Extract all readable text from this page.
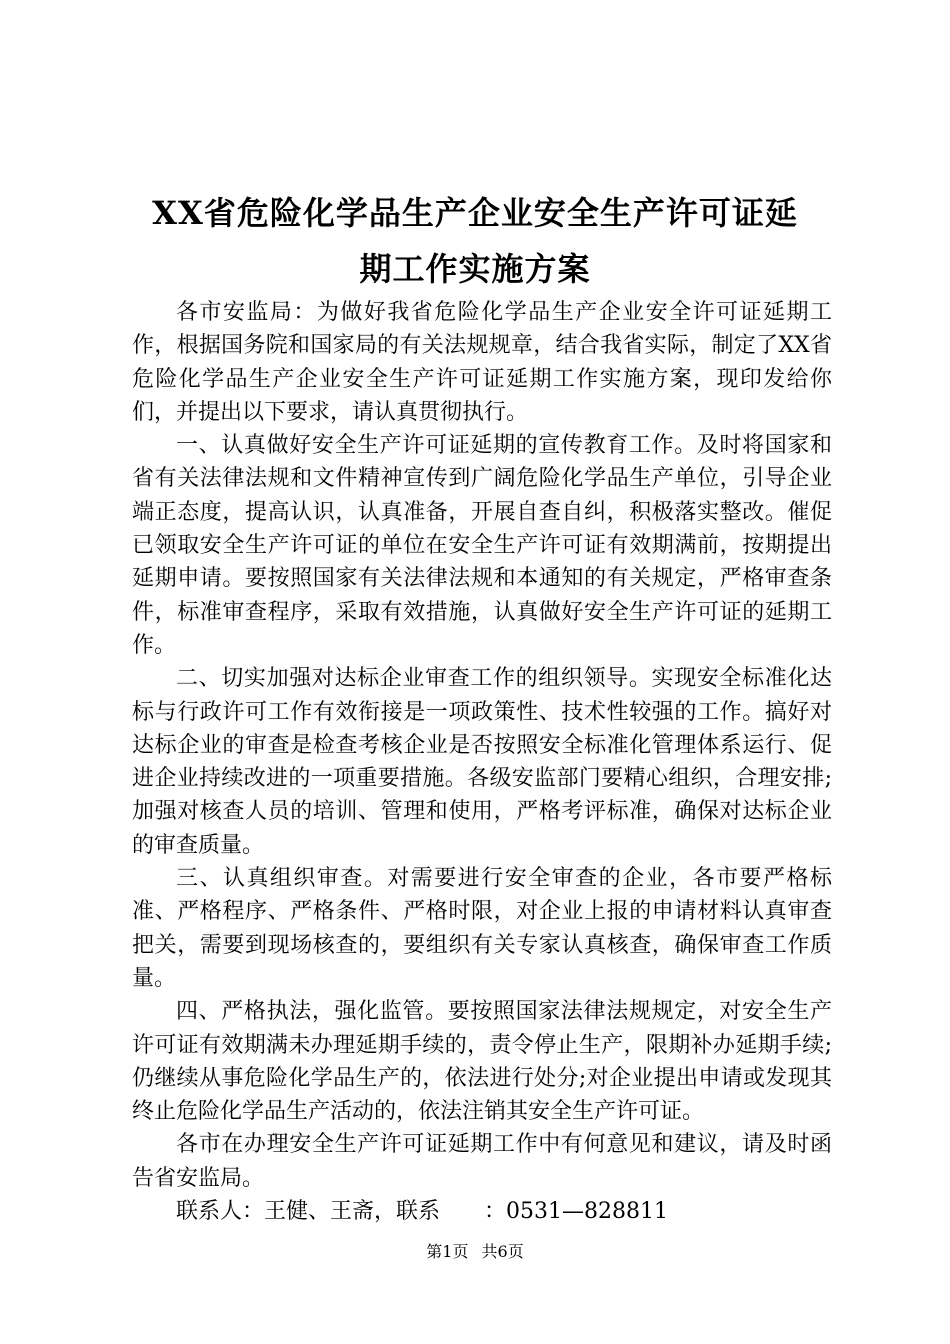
XX省危险化学品生产企业安全生产许可证延
期工作实施方案

各市安监局：为做好我省危险化学品生产企业安全许可证延期工作，根据国务院和国家局的有关法规规章，结合我省实际，制定了XX省危险化学品生产企业安全生产许可证延期工作实施方案，现印发给你们，并提出以下要求，请认真贯彻执行。

一、认真做好安全生产许可证延期的宣传教育工作。及时将国家和省有关法律法规和文件精神宣传到广阔危险化学品生产单位，引导企业端正态度，提高认识，认真准备，开展自查自纠，积极落实整改。催促已领取安全生产许可证的单位在安全生产许可证有效期满前，按期提出延期申请。要按照国家有关法律法规和本通知的有关规定，严格审查条件，标准审查程序，采取有效措施，认真做好安全生产许可证的延期工作。

二、切实加强对达标企业审查工作的组织领导。实现安全标准化达标与行政许可工作有效衔接是一项政策性、技术性较强的工作。搞好对达标企业的审查是检查考核企业是否按照安全标准化管理体系运行、促进企业持续改进的一项重要措施。各级安监部门要精心组织，合理安排;加强对核查人员的培训、管理和使用，严格考评标准，确保对达标企业的审查质量。

三、认真组织审查。对需要进行安全审查的企业，各市要严格标准、严格程序、严格条件、严格时限，对企业上报的申请材料认真审查把关，需要到现场核查的，要组织有关专家认真核查，确保审查工作质量。

四、严格执法，强化监管。要按照国家法律法规规定，对安全生产许可证有效期满未办理延期手续的，责令停止生产，限期补办延期手续;仍继续从事危险化学品生产的，依法进行处分;对企业提出申请或发现其终止危险化学品生产活动的，依法注销其安全生产许可证。

各市在办理安全生产许可证延期工作中有何意见和建议，请及时函告省安监局。

联系人：王健、王斋，联系　　：0531—828811

第1页 共6页
